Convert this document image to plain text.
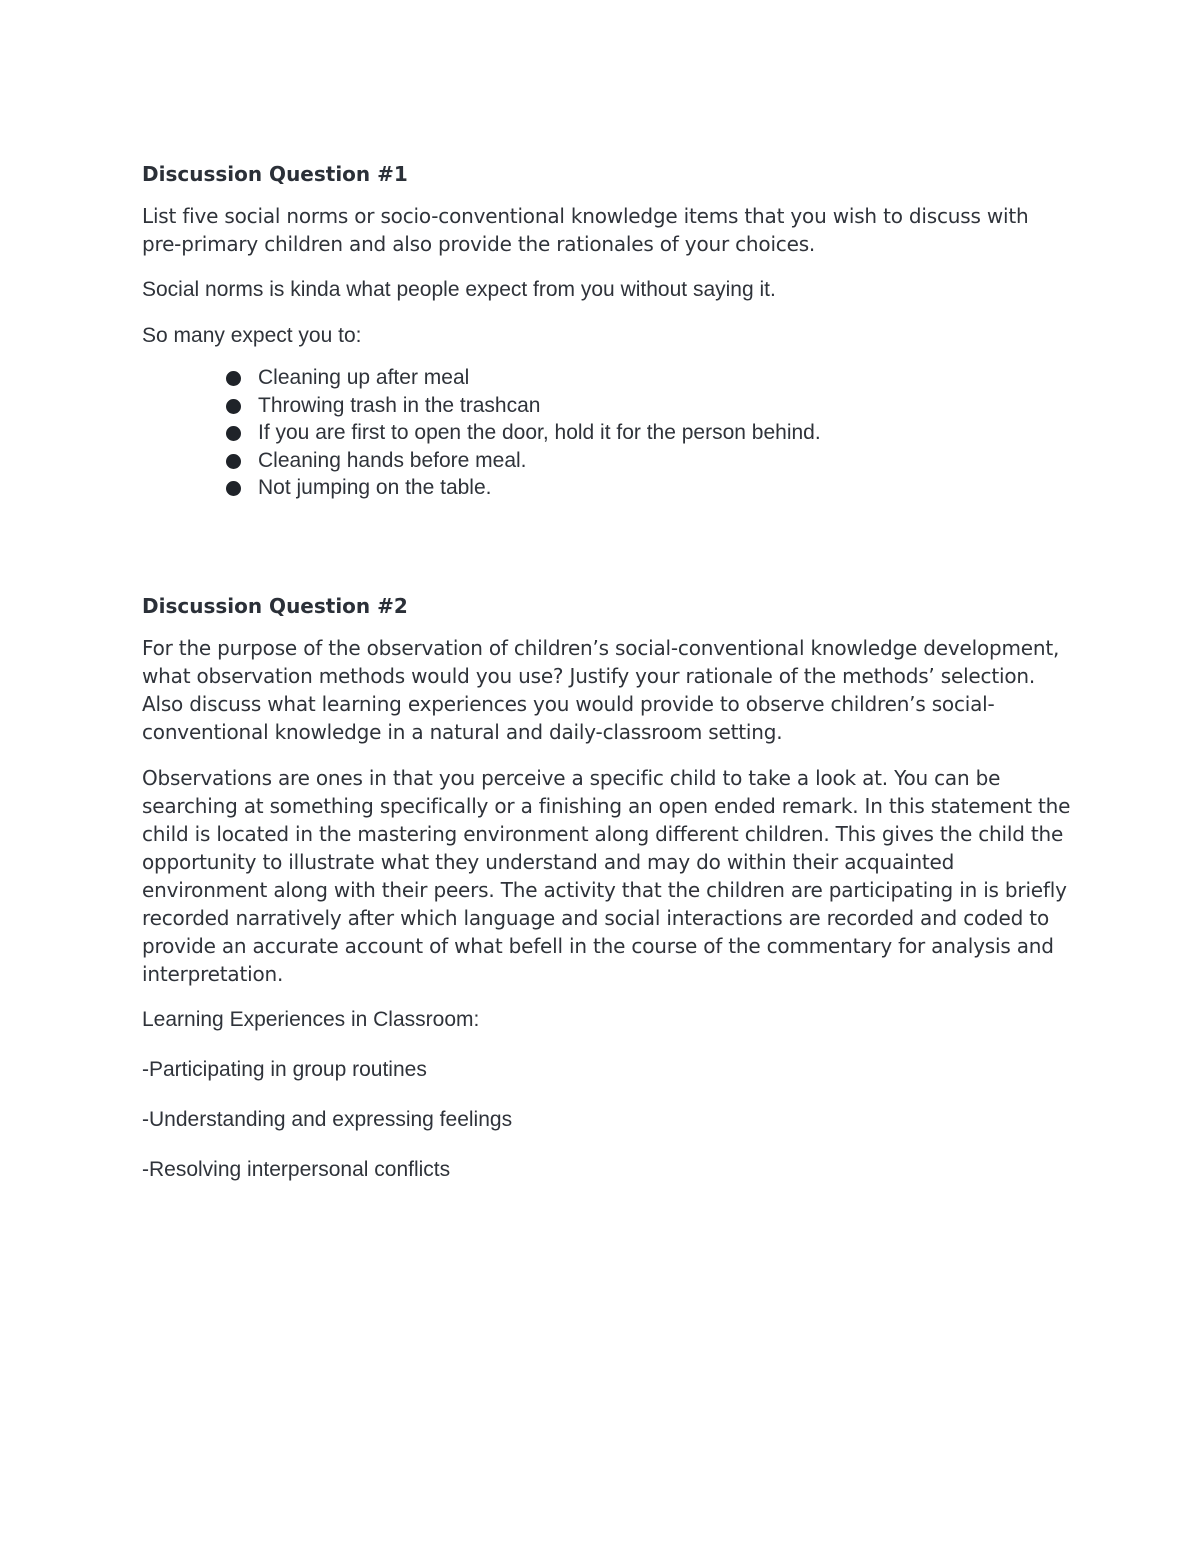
Discussion Question #1
List five social norms or socio-conventional knowledge items that you wish to discuss with pre-primary children and also provide the rationales of your choices.
Social norms is kinda what people expect from you without saying it.
So many expect you to:
Cleaning up after meal
Throwing trash in the trashcan
If you are first to open the door, hold it for the person behind.
Cleaning hands before meal.
Not jumping on the table.
Discussion Question #2
For the purpose of the observation of children’s social-conventional knowledge development, what observation methods would you use? Justify your rationale of the methods’ selection. Also discuss what learning experiences you would provide to observe children’s social-conventional knowledge in a natural and daily-classroom setting.
Observations are ones in that you perceive a specific child to take a look at. You can be searching at something specifically or a finishing an open ended remark. In this statement the child is located in the mastering environment along different children. This gives the child the opportunity to illustrate what they understand and may do within their acquainted environment along with their peers. The activity that the children are participating in is briefly recorded narratively after which language and social interactions are recorded and coded to provide an accurate account of what befell in the course of the commentary for analysis and interpretation.
Learning Experiences in Classroom:
-Participating in group routines
-Understanding and expressing feelings
-Resolving interpersonal conflicts
